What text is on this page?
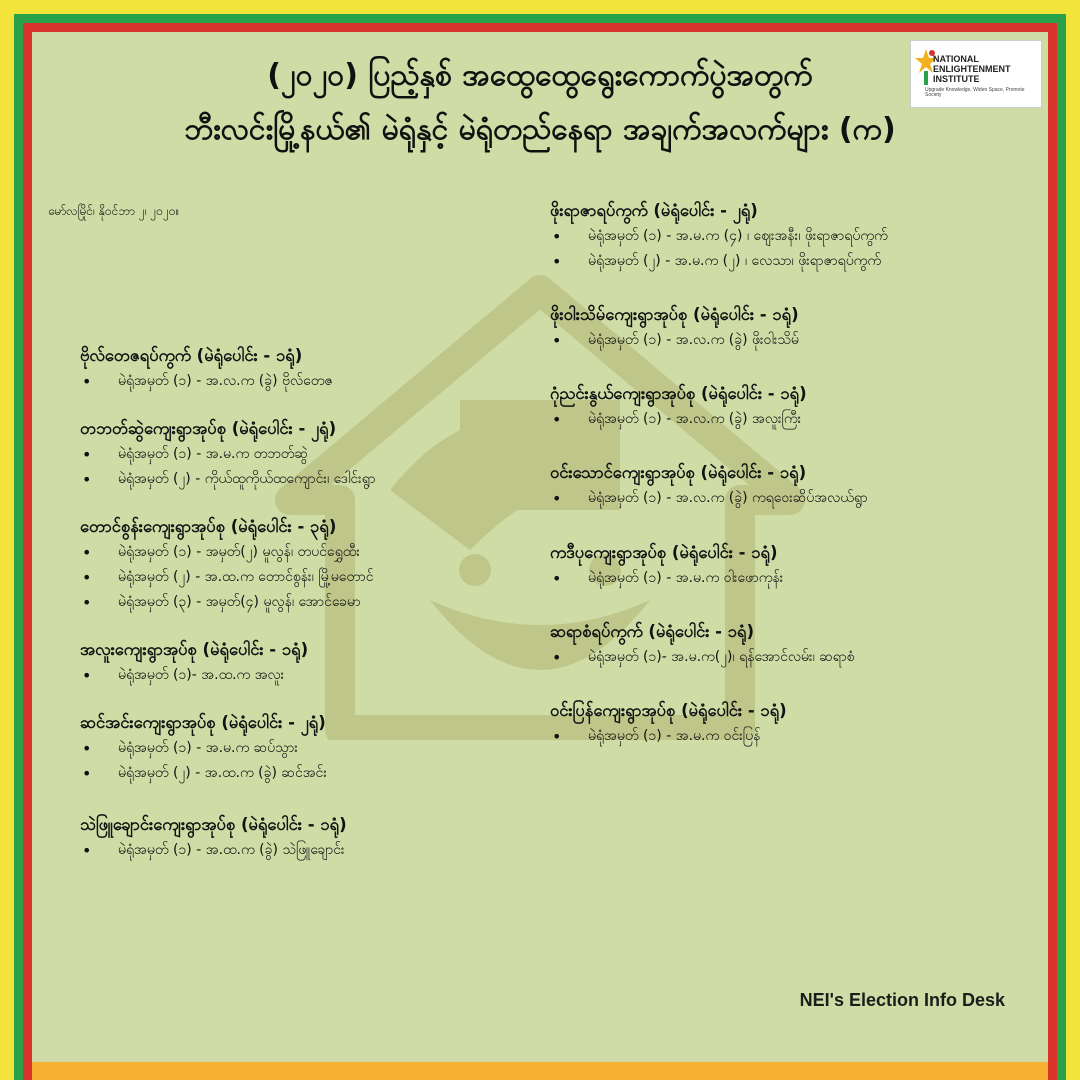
NATIONAL
ENLIGHTENMENT
INSTITUTE
Upgrade Knowledge, Widen Space, Promote Society
(၂၀၂၀) ပြည့်နှစ် အထွေထွေရွေးကောက်ပွဲအတွက်
ဘီးလင်းမြို့နယ်၏ မဲရုံနှင့် မဲရုံတည်နေရာ အချက်အလက်များ (က)
မော်လမြိုင်၊ နိုဝင်ဘာ ၂၊ ၂၀၂၀။
ဗိုလ်တေဇရပ်ကွက် (မဲရုံပေါင်း - ၁ရုံ)
• မဲရုံအမှတ် (၁) - အ.လ.က (ခွဲ) ဗိုလ်တေဇ
တဘတ်ဆွဲကျေးရွာအုပ်စု (မဲရုံပေါင်း - ၂ရုံ)
• မဲရုံအမှတ် (၁) - အ.မ.က တဘတ်ဆွဲ
• မဲရုံအမှတ် (၂) - ကိုယ်ထူကိုယ်ထကျောင်း၊ ဒေါင်းရွာ
တောင်စွန်းကျေးရွာအုပ်စု (မဲရုံပေါင်း - ၃ရုံ)
• မဲရုံအမှတ် (၁) - အမှတ်(၂) မူလွန်၊ တပင်ရွှေထီး
• မဲရုံအမှတ် (၂) - အ.ထ.က တောင်စွန်း၊ မြို့မတောင်
• မဲရုံအမှတ် (၃) - အမှတ်(၄) မူလွန်၊ အောင်ခေမာ
အလူးကျေးရွာအုပ်စု (မဲရုံပေါင်း - ၁ရုံ)
• မဲရုံအမှတ် (၁)- အ.ထ.က အလူး
ဆင်အင်းကျေးရွာအုပ်စု (မဲရုံပေါင်း - ၂ရုံ)
• မဲရုံအမှတ် (၁) - အ.မ.က ဆပ်သွား
• မဲရုံအမှတ် (၂) - အ.ထ.က (ခွဲ) ဆင်အင်း
သဲဖြူချောင်းကျေးရွာအုပ်စု (မဲရုံပေါင်း - ၁ရုံ)
• မဲရုံအမှတ် (၁) - အ.ထ.က (ခွဲ) သဲဖြူချောင်း
ဖိုးရာဇာရပ်ကွက် (မဲရုံပေါင်း - ၂ရုံ)
• မဲရုံအမှတ် (၁) - အ.မ.က (၄) ၊ ဈေးအနီး၊ ဖိုးရာဇာရပ်ကွက်
• မဲရုံအမှတ် (၂) - အ.မ.က (၂) ၊ လေသာ၊ ဖိုးရာဇာရပ်ကွက်
ဖိုးဝါးသိမ်ကျေးရွာအုပ်စု (မဲရုံပေါင်း - ၁ရုံ)
• မဲရုံအမှတ် (၁) - အ.လ.က (ခွဲ) ဖိုးဝါးသိမ်
ဂုံညင်းနွယ်ကျေးရွာအုပ်စု (မဲရုံပေါင်း - ၁ရုံ)
• မဲရုံအမှတ် (၁) - အ.လ.က (ခွဲ) အလူးကြီး
ဝင်းသောင်ကျေးရွာအုပ်စု (မဲရုံပေါင်း - ၁ရုံ)
• မဲရုံအမှတ် (၁) - အ.လ.က (ခွဲ) ကရဝေးဆိပ်အလယ်ရွာ
ကဒီပုကျေးရွာအုပ်စု (မဲရုံပေါင်း - ၁ရုံ)
• မဲရုံအမှတ် (၁) - အ.မ.က ဝါးဖောကုန်း
ဆရာစံရပ်ကွက် (မဲရုံပေါင်း - ၁ရုံ)
• မဲရုံအမှတ် (၁)- အ.မ.က(၂)၊ ရန်အောင်လမ်း၊ ဆရာစံ
ဝင်းပြန်ကျေးရွာအုပ်စု (မဲရုံပေါင်း - ၁ရုံ)
• မဲရုံအမှတ် (၁) - အ.မ.က ဝင်းပြန်
NEI's Election Info Desk
